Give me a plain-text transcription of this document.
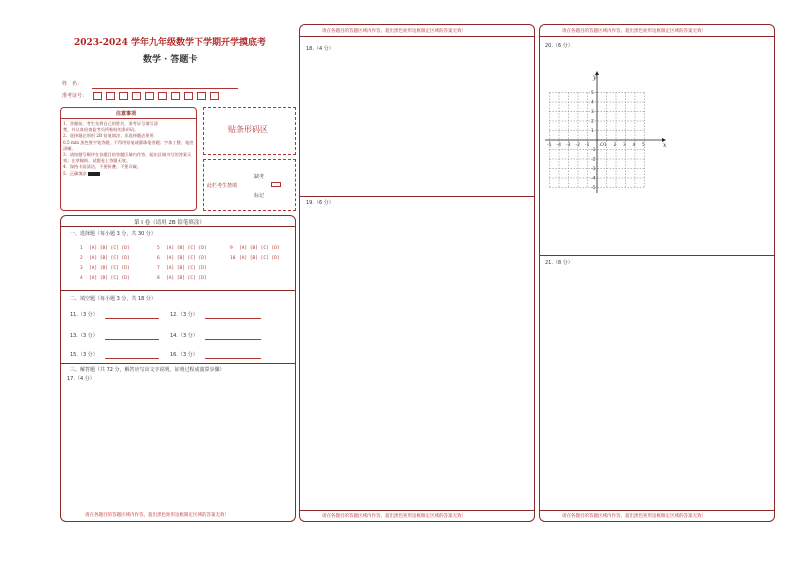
2023-2024 学年九年级数学下学期开学摸底考
数学 · 答题卡
姓　名：
准考证号：
注意事项
1．答题前，考生先将自己的姓名，准考证号填写清
楚，并认真检查监考员所粘贴的条形码。
2．选择题必须用 2B 铅笔填涂；非选择题必须用
0.5 mm 黑色签字笔答题，不得用铅笔或圆珠笔答题；字体工整、笔迹清晰。
3．请按题号顺序在各题目的答题区域内作答，超出区域书写的答案无效；在草稿纸、试题卷上答题无效。
4．保持卡面清洁，不要折叠、不要弄破。
5．正确填涂
贴条形码区
缺考
此栏考生禁填
标记
第 I 卷（请用 2B 铅笔填涂）
一、选择题（每小题 3 分，共 30 分）
1 [A] [B] [C] [D]
2 [A] [B] [C] [D]
3 [A] [B] [C] [D]
4 [A] [B] [C] [D]
5 [A] [B] [C] [D]
6 [A] [B] [C] [D]
7 [A] [B] [C] [D]
8 [A] [B] [C] [D]
9 [A] [B] [C] [D]
10 [A] [B] [C] [D]
二、填空题（每小题 3 分，共 18 分）
11.（3 分）	12.（3 分）
13.（3 分）	14.（3 分）
15.（3 分）	16.（3 分）
三、解答题（共 72 分，解答应写出文字说明、证明过程或演算步骤）
17.（4 分）
请在各题目的答题区域内作答，超出黑色矩形边框限定区域的答案无效！
请在各题目的答题区域内作答，超出黑色矩形边框限定区域的答案无效！
18.（4 分）
19.（6 分）
请在各题目的答题区域内作答，超出黑色矩形边框限定区域的答案无效！
请在各题目的答题区域内作答，超出黑色矩形边框限定区域的答案无效！
20.（6 分）
x
y
O
-5 -4 -3 -2 -1	1 2 3 4 5
5
4
3
2
1
-1
-2
-3
-4
-5
21.（8 分）
请在各题目的答题区域内作答，超出黑色矩形边框限定区域的答案无效！
